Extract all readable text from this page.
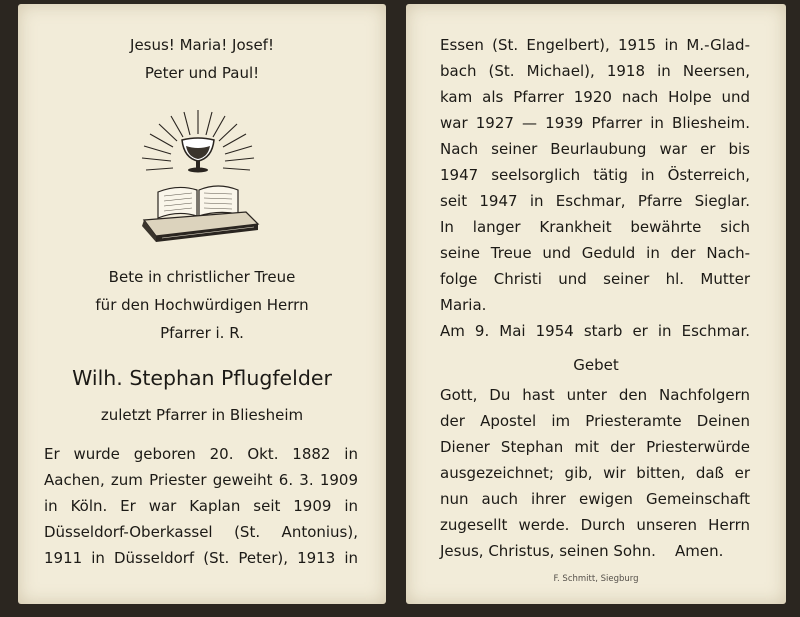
Jesus! Maria! Josef!
Peter und Paul!
Bete in christlicher Treue
für den Hochwürdigen Herrn
Pfarrer i. R.
Wilh. Stephan Pflugfelder
zuletzt Pfarrer in Bliesheim
Er wurde geboren 20. Okt. 1882 in
Aachen, zum Priester geweiht 6. 3. 1909
in Köln. Er war Kaplan seit 1909 in
Düsseldorf-Oberkassel (St. Antonius),
1911 in Düsseldorf (St. Peter), 1913 in
Essen (St. Engelbert), 1915 in M.-Glad-
bach (St. Michael), 1918 in Neersen,
kam als Pfarrer 1920 nach Holpe und
war 1927 — 1939 Pfarrer in Bliesheim.
Nach seiner Beurlaubung war er bis
1947 seelsorglich tätig in Österreich,
seit 1947 in Eschmar, Pfarre Sieglar.
In langer Krankheit bewährte sich
seine Treue und Geduld in der Nach-
folge Christi und seiner hl. Mutter
Maria.
Am 9. Mai 1954 starb er in Eschmar.
Gebet
Gott, Du hast unter den Nachfolgern
der Apostel im Priesteramte Deinen
Diener Stephan mit der Priesterwürde
ausgezeichnet; gib, wir bitten, daß er
nun auch ihrer ewigen Gemeinschaft
zugesellt werde. Durch unseren Herrn
Jesus, Christus, seinen Sohn.    Amen.
F. Schmitt, Siegburg
